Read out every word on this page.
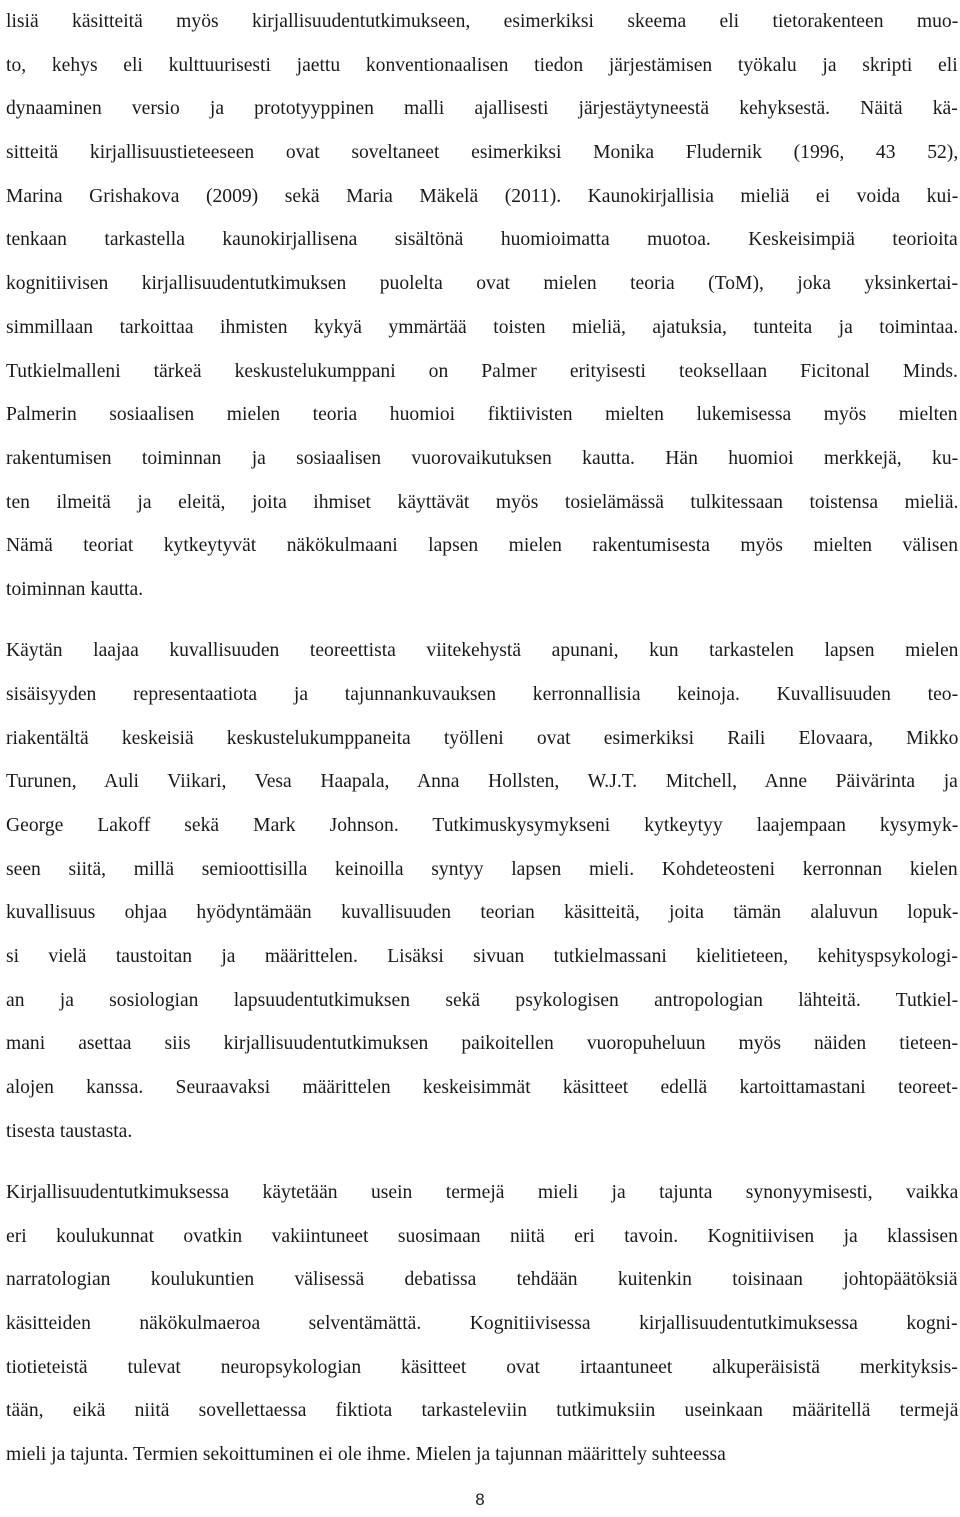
lisiä käsitteitä myös kirjallisuudentutkimukseen, esimerkiksi skeema eli tietorakenteen muo-
to, kehys eli kulttuurisesti jaettu konventionaalisen tiedon järjestämisen työkalu ja skripti eli
dynaaminen versio ja prototyyppinen malli ajallisesti järjestäytyneestä kehyksestä. Näitä kä-
sitteitä kirjallisuustieteeseen ovat soveltaneet esimerkiksi Monika Fludernik (1996, 43 52),
Marina Grishakova (2009) sekä Maria Mäkelä (2011). Kaunokirjallisia mieliä ei voida kui-
tenkaan tarkastella kaunokirjallisena sisältönä huomioimatta muotoa. Keskeisimpiä teorioita
kognitiivisen kirjallisuudentutkimuksen puolelta ovat mielen teoria (ToM), joka yksinkertai-
simmillaan tarkoittaa ihmisten kykyä ymmärtää toisten mieliä, ajatuksia, tunteita ja toimintaa.
Tutkielmalleni tärkeä keskustelukumppani on Palmer erityisesti teoksellaan Ficitonal Minds.
Palmerin sosiaalisen mielen teoria huomioi fiktiivisten mielten lukemisessa myös mielten
rakentumisen toiminnan ja sosiaalisen vuorovaikutuksen kautta. Hän huomioi merkkejä, ku-
ten ilmeitä ja eleitä, joita ihmiset käyttävät myös tosielämässä tulkitessaan toistensa mieliä.
Nämä teoriat kytkeytyvät näkökulmaani lapsen mielen rakentumisesta myös mielten välisen
toiminnan kautta.
Käytän laajaa kuvallisuuden teoreettista viitekehystä apunani, kun tarkastelen lapsen mielen
sisäisyyden representaatiota ja tajunnankuvauksen kerronnallisia keinoja. Kuvallisuuden teo-
riakentältä keskeisiä keskustelukumppaneita työlleni ovat esimerkiksi Raili Elovaara, Mikko
Turunen, Auli Viikari, Vesa Haapala, Anna Hollsten, W.J.T. Mitchell, Anne Päivärinta ja
George Lakoff sekä Mark Johnson. Tutkimuskysymykseni kytkeytyy laajempaan kysymyk-
seen siitä, millä semioottisilla keinoilla syntyy lapsen mieli. Kohdeteosteni kerronnan kielen
kuvallisuus ohjaa hyödyntämään kuvallisuuden teorian käsitteitä, joita tämän alaluvun lopuk-
si vielä taustoitan ja määrittelen. Lisäksi sivuan tutkielmassani kielitieteen, kehityspsykologi-
an ja sosiologian lapsuudentutkimuksen sekä psykologisen antropologian lähteitä. Tutkiel-
mani asettaa siis kirjallisuudentutkimuksen paikoitellen vuoropuheluun myös näiden tieteen-
alojen kanssa. Seuraavaksi määrittelen keskeisimmät käsitteet edellä kartoittamastani teoreet-
tisesta taustasta.
Kirjallisuudentutkimuksessa käytetään usein termejä mieli ja tajunta synonyymisesti, vaikka
eri koulukunnat ovatkin vakiintuneet suosimaan niitä eri tavoin. Kognitiivisen ja klassisen
narratologian koulukuntien välisessä debatissa tehdään kuitenkin toisinaan johtopäätöksiä
käsitteiden näkökulmaeroa selventämättä. Kognitiivisessa kirjallisuudentutkimuksessa kogni-
tiotieteistä tulevat neuropsykologian käsitteet ovat irtaantuneet alkuperäisistä merkityksis-
tään, eikä niitä sovellettaessa fiktiota tarkasteleviin tutkimuksiin useinkaan määritellä termejä
mieli ja tajunta. Termien sekoittuminen ei ole ihme. Mielen ja tajunnan määrittely suhteessa
8
